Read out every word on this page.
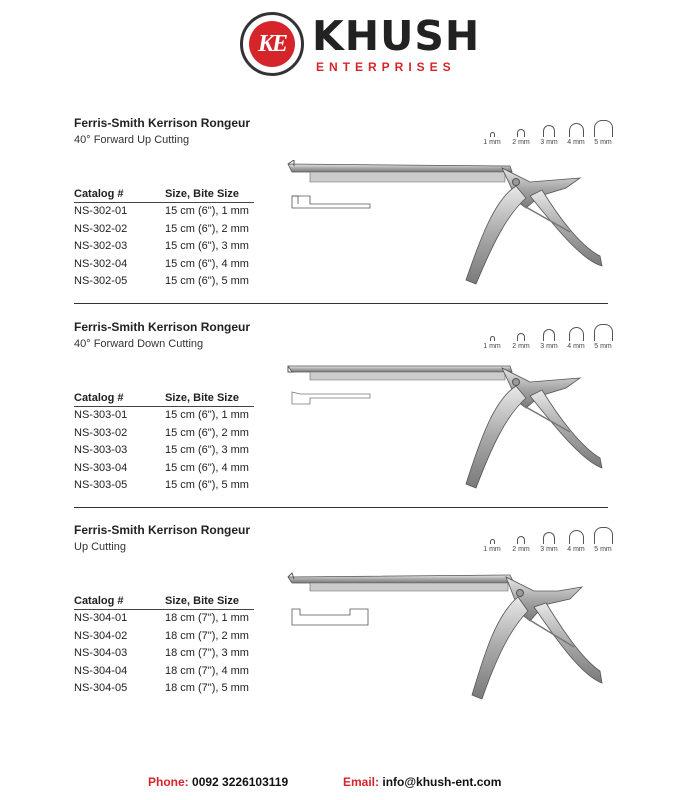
KE KHUSH
ENTERPRISES
Ferris-Smith Kerrison Rongeur
40° Forward Up Cutting	1 mm	2 mm	3 mm	4 mm	5 mm
Catalog #	Size, Bite Size
NS-302-01	15 cm (6"), 1 mm
NS-302-02	15 cm (6"), 2 mm
NS-302-03	15 cm (6"), 3 mm
NS-302-04	15 cm (6"), 4 mm
NS-302-05	15 cm (6"), 5 mm
Ferris-Smith Kerrison Rongeur
40° Forward Down Cutting	1 mm	2 mm	3 mm	4 mm	5 mm
Catalog #	Size, Bite Size
NS-303-01	15 cm (6"), 1 mm
NS-303-02	15 cm (6"), 2 mm
NS-303-03	15 cm (6"), 3 mm
NS-303-04	15 cm (6"), 4 mm
NS-303-05	15 cm (6"), 5 mm
Ferris-Smith Kerrison Rongeur
Up Cutting	1 mm	2 mm	3 mm	4 mm	5 mm
Catalog #	Size, Bite Size
NS-304-01	18 cm (7"), 1 mm
NS-304-02	18 cm (7"), 2 mm
NS-304-03	18 cm (7"), 3 mm
NS-304-04	18 cm (7"), 4 mm
NS-304-05	18 cm (7"), 5 mm
Phone: 0092 3226103119	Email: info@khush-ent.com
